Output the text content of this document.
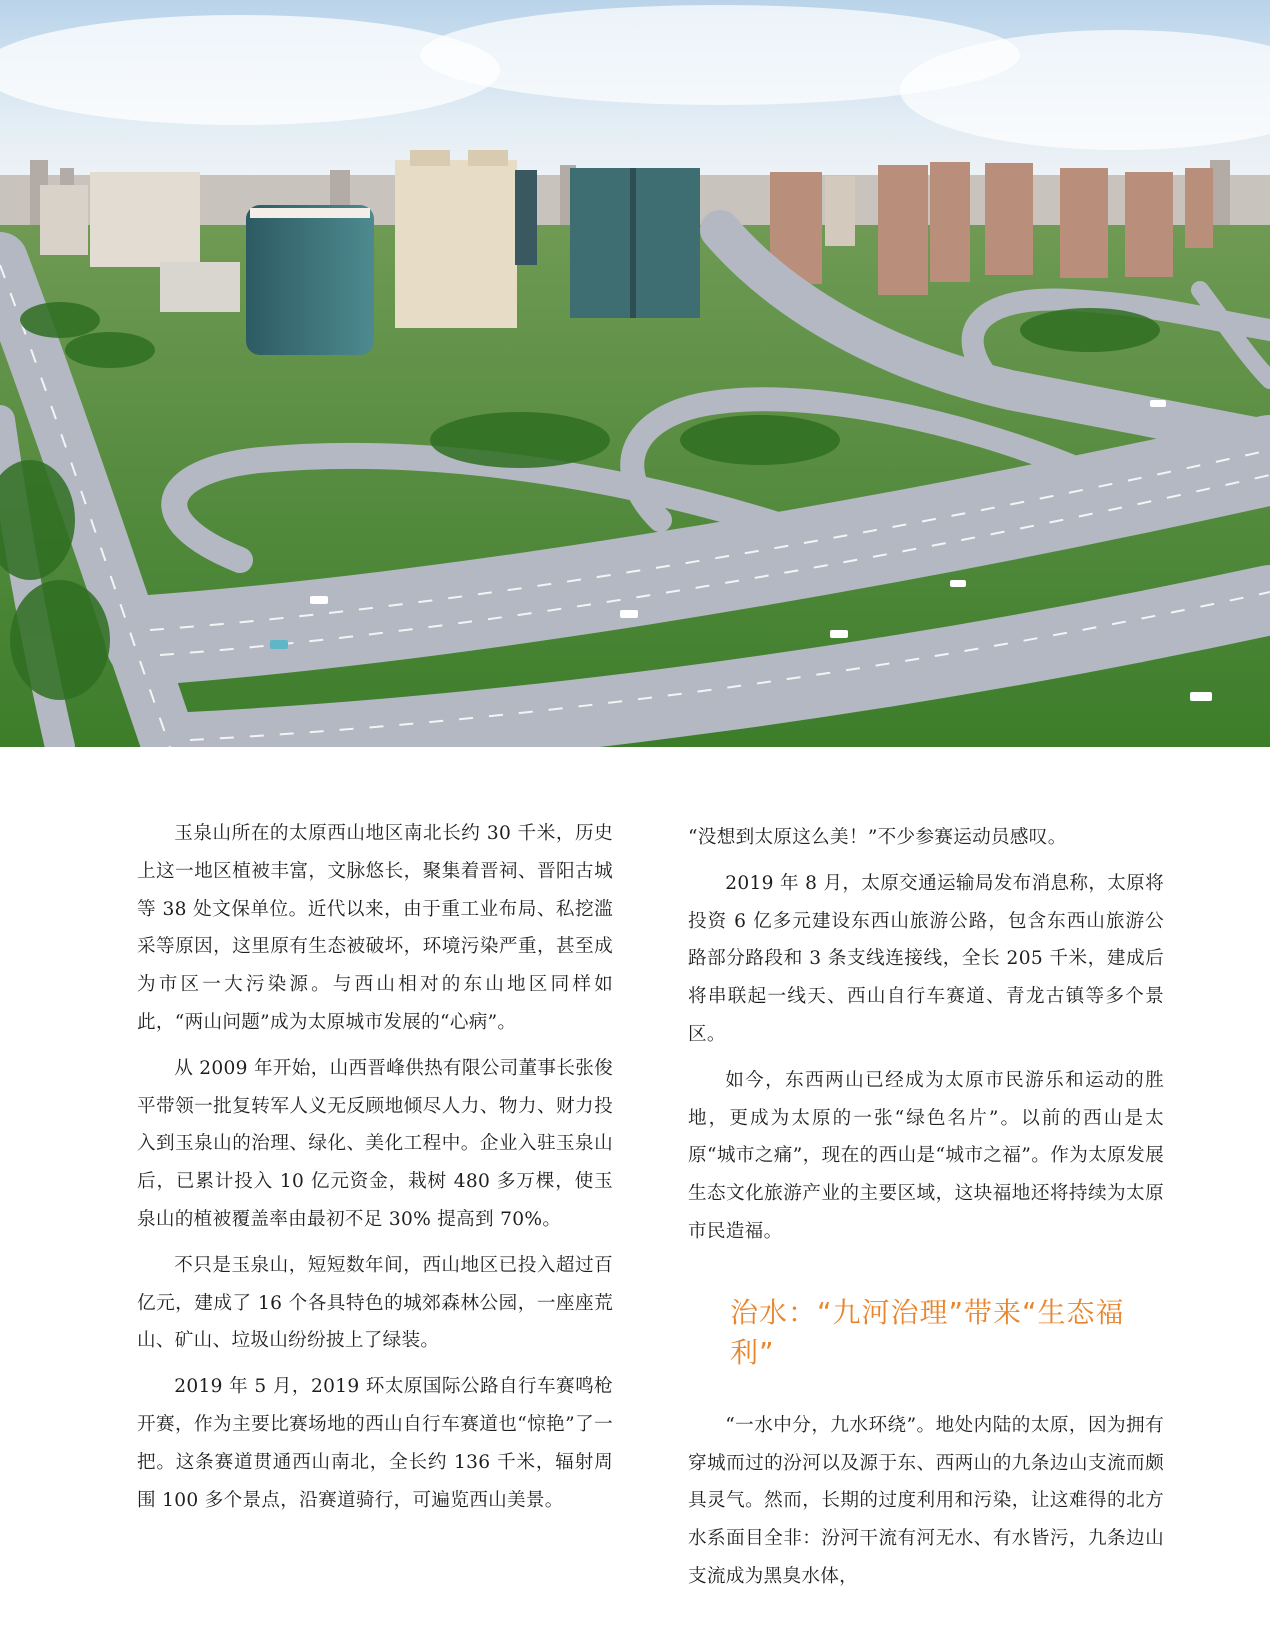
玉泉山所在的太原西山地区南北长约 30 千米，历史上这一地区植被丰富，文脉悠长，聚集着晋祠、晋阳古城等 38 处文保单位。近代以来，由于重工业布局、私挖滥采等原因，这里原有生态被破坏，环境污染严重，甚至成为市区一大污染源。与西山相对的东山地区同样如此，“两山问题”成为太原城市发展的“心病”。

从 2009 年开始，山西晋峰供热有限公司董事长张俊平带领一批复转军人义无反顾地倾尽人力、物力、财力投入到玉泉山的治理、绿化、美化工程中。企业入驻玉泉山后，已累计投入 10 亿元资金，栽树 480 多万棵，使玉泉山的植被覆盖率由最初不足 30% 提高到 70%。

不只是玉泉山，短短数年间，西山地区已投入超过百亿元，建成了 16 个各具特色的城郊森林公园，一座座荒山、矿山、垃圾山纷纷披上了绿装。

2019 年 5 月，2019 环太原国际公路自行车赛鸣枪开赛，作为主要比赛场地的西山自行车赛道也“惊艳”了一把。这条赛道贯通西山南北，全长约 136 千米，辐射周围 100 多个景点，沿赛道骑行，可遍览西山美景。

“没想到太原这么美！”不少参赛运动员感叹。

2019 年 8 月，太原交通运输局发布消息称，太原将投资 6 亿多元建设东西山旅游公路，包含东西山旅游公路部分路段和 3 条支线连接线，全长 205 千米，建成后将串联起一线天、西山自行车赛道、青龙古镇等多个景区。

如今，东西两山已经成为太原市民游乐和运动的胜地，更成为太原的一张“绿色名片”。以前的西山是太原“城市之痛”，现在的西山是“城市之福”。作为太原发展生态文化旅游产业的主要区域，这块福地还将持续为太原市民造福。

治水：“九河治理”带来“生态福利”

“一水中分，九水环绕”。地处内陆的太原，因为拥有穿城而过的汾河以及源于东、西两山的九条边山支流而颇具灵气。然而，长期的过度利用和污染，让这难得的北方水系面目全非：汾河干流有河无水、有水皆污，九条边山支流成为黑臭水体，
